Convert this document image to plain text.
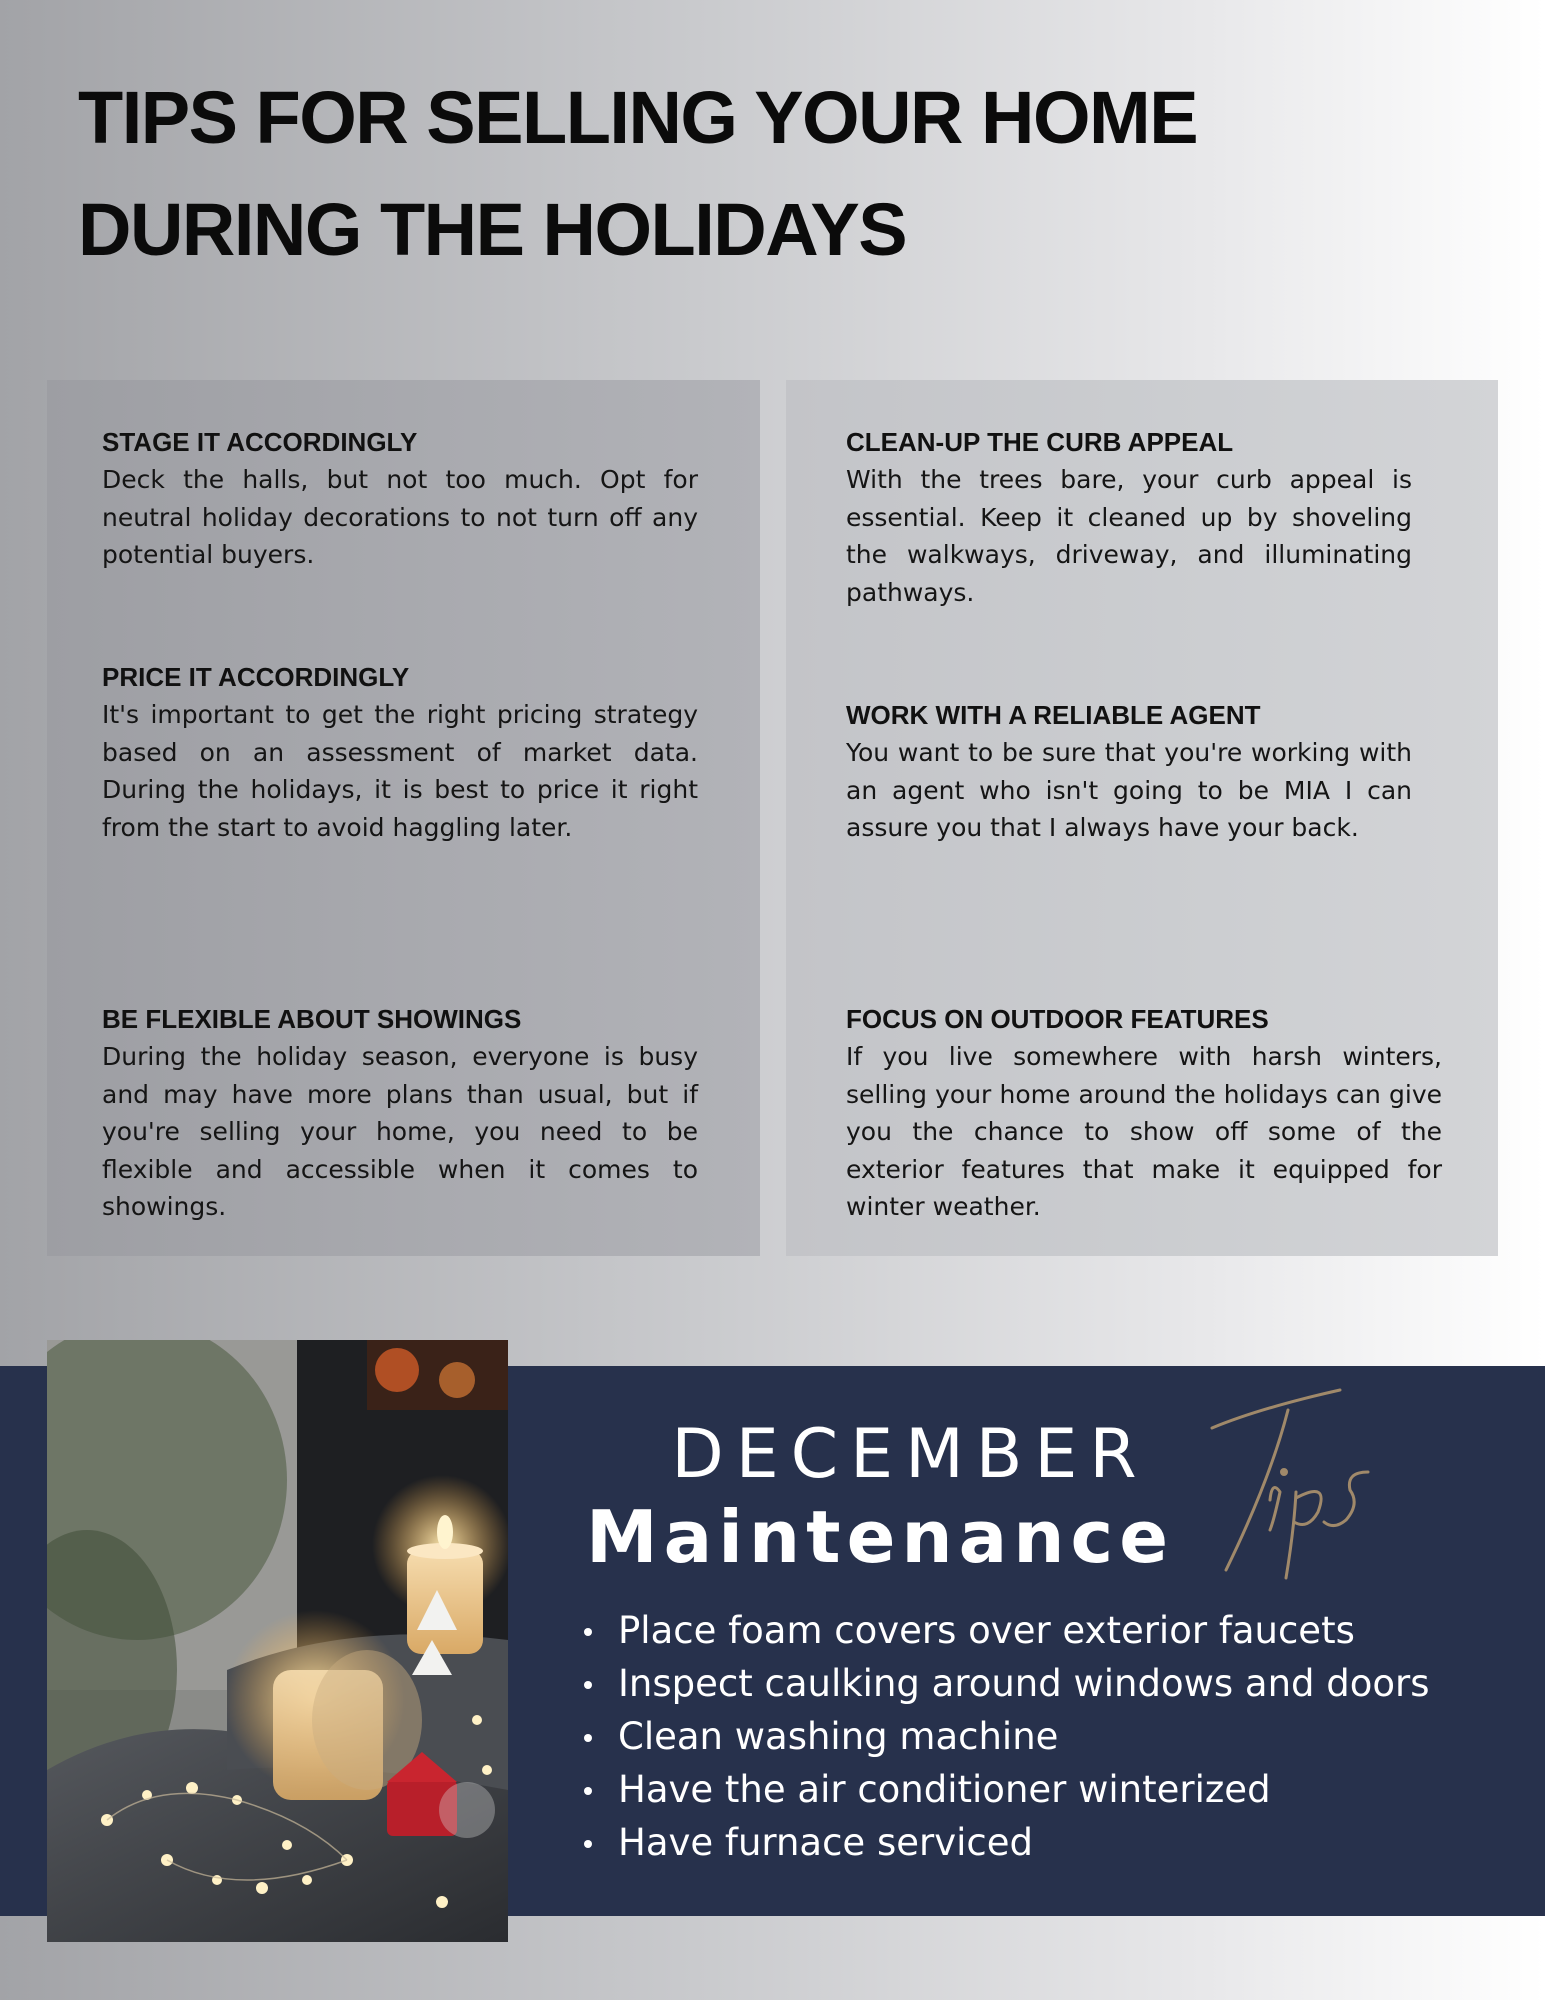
TIPS FOR SELLING YOUR HOME
DURING THE HOLIDAYS
STAGE IT ACCORDINGLY

Deck the halls, but not too much. Opt for neutral holiday decorations to not turn off any potential buyers.

PRICE IT ACCORDINGLY

It's important to get the right pricing strategy based on an assessment of market data. During the holidays, it is best to price it right from the start to avoid haggling later.

BE FLEXIBLE ABOUT SHOWINGS

During the holiday season, everyone is busy and may have more plans than usual, but if you're selling your home, you need to be flexible and accessible when it comes to showings.

CLEAN-UP THE CURB APPEAL

With the trees bare, your curb appeal is essential. Keep it cleaned up by shoveling the walkways, driveway, and illuminating pathways.

WORK WITH A RELIABLE AGENT

You want to be sure that you're working with an agent who isn't going to be MIA I can assure you that I always have your back.

FOCUS ON OUTDOOR FEATURES

If you live somewhere with harsh winters, selling your home around the holidays can give you the chance to show off some of the exterior features that make it equipped for winter weather.

DECEMBER
Maintenance
Place foam covers over exterior faucets
Inspect caulking around windows and doors
Clean washing machine
Have the air conditioner winterized
Have furnace serviced
